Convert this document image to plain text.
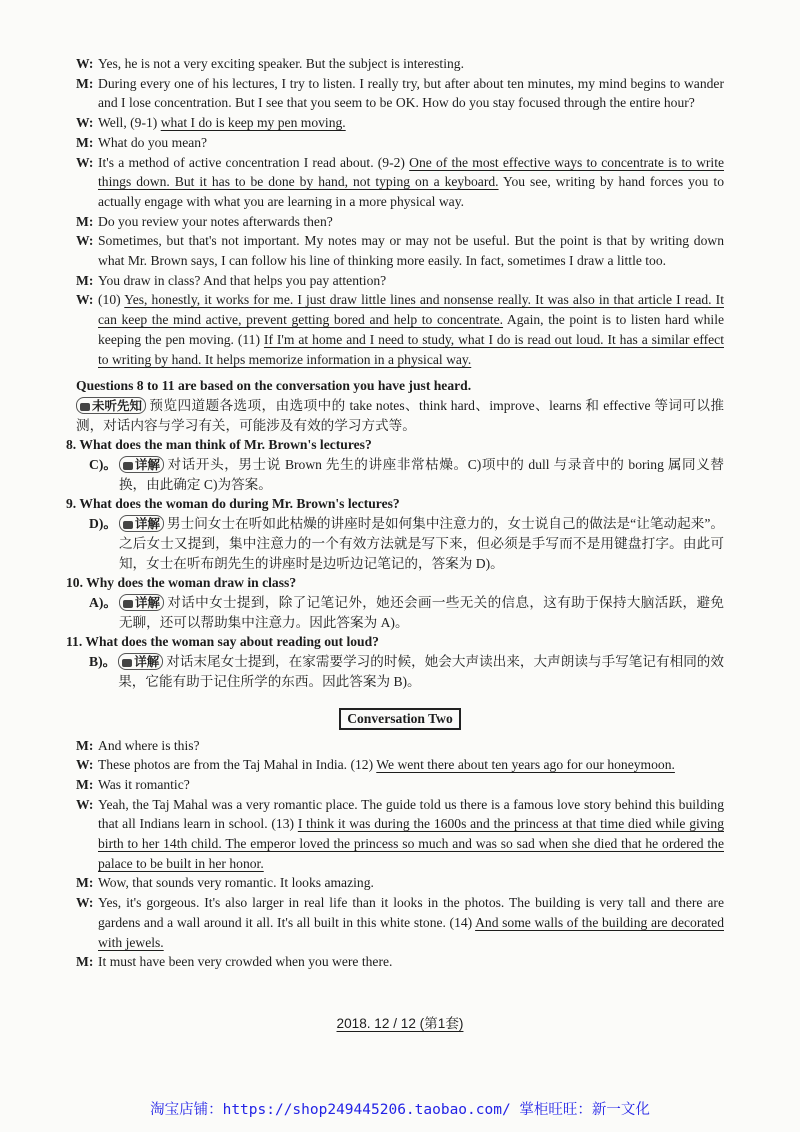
W: Yes, he is not a very exciting speaker. But the subject is interesting.
M: During every one of his lectures, I try to listen. I really try, but after about ten minutes, my mind begins to wander and I lose concentration. But I see that you seem to be OK. How do you stay focused through the entire hour?
W: Well, (9-1) what I do is keep my pen moving.
M: What do you mean?
W: It's a method of active concentration I read about. (9-2) One of the most effective ways to concentrate is to write things down. But it has to be done by hand, not typing on a keyboard. You see, writing by hand forces you to actually engage with what you are learning in a more physical way.
M: Do you review your notes afterwards then?
W: Sometimes, but that's not important. My notes may or may not be useful. But the point is that by writing down what Mr. Brown says, I can follow his line of thinking more easily. In fact, sometimes I draw a little too.
M: You draw in class? And that helps you pay attention?
W: (10) Yes, honestly, it works for me. I just draw little lines and nonsense really. It was also in that article I read. It can keep the mind active, prevent getting bored and help to concentrate. Again, the point is to listen hard while keeping the pen moving. (11) If I'm at home and I need to study, what I do is read out loud. It has a similar effect to writing by hand. It helps memorize information in a physical way.
Questions 8 to 11 are based on the conversation you have just heard.
未听先知 预览四道题各选项，由选项中的 take notes、think hard、improve、learns 和 effective 等词可以推测，对话内容与学习有关，可能涉及有效的学习方式等。
8. What does the man think of Mr. Brown's lectures?
C)。	详解 对话开头，男士说 Brown 先生的讲座非常枯燥。C)项中的 dull 与录音中的 boring 属同义替换，由此确定 C)为答案。
9. What does the woman do during Mr. Brown's lectures?
D)。	详解 男士问女士在听如此枯燥的讲座时是如何集中注意力的，女士说自己的做法是“让笔动起来”。之后女士又提到，集中注意力的一个有效方法就是写下来，但必须是手写而不是用键盘打字。由此可知，女士在听布朗先生的讲座时是边听边记笔记的，答案为 D)。
10. Why does the woman draw in class?
A)。	详解 对话中女士提到，除了记笔记外，她还会画一些无关的信息，这有助于保持大脑活跃，避免无聊，还可以帮助集中注意力。因此答案为 A)。
11. What does the woman say about reading out loud?
B)。	详解 对话末尾女士提到，在家需要学习的时候，她会大声读出来，大声朗读与手写笔记有相同的效果，它能有助于记住所学的东西。因此答案为 B)。
Conversation Two
M: And where is this?
W: These photos are from the Taj Mahal in India. (12) We went there about ten years ago for our honeymoon.
M: Was it romantic?
W: Yeah, the Taj Mahal was a very romantic place. The guide told us there is a famous love story behind this building that all Indians learn in school. (13) I think it was during the 1600s and the princess at that time died while giving birth to her 14th child. The emperor loved the princess so much and was so sad when she died that he ordered the palace to be built in her honor.
M: Wow, that sounds very romantic. It looks amazing.
W: Yes, it's gorgeous. It's also larger in real life than it looks in the photos. The building is very tall and there are gardens and a wall around it all. It's all built in this white stone. (14) And some walls of the building are decorated with jewels.
M: It must have been very crowded when you were there.
2018. 12 / 12 (第1套)
淘宝店铺：https://shop249445206.taobao.com/ 掌柜旺旺：新一文化
